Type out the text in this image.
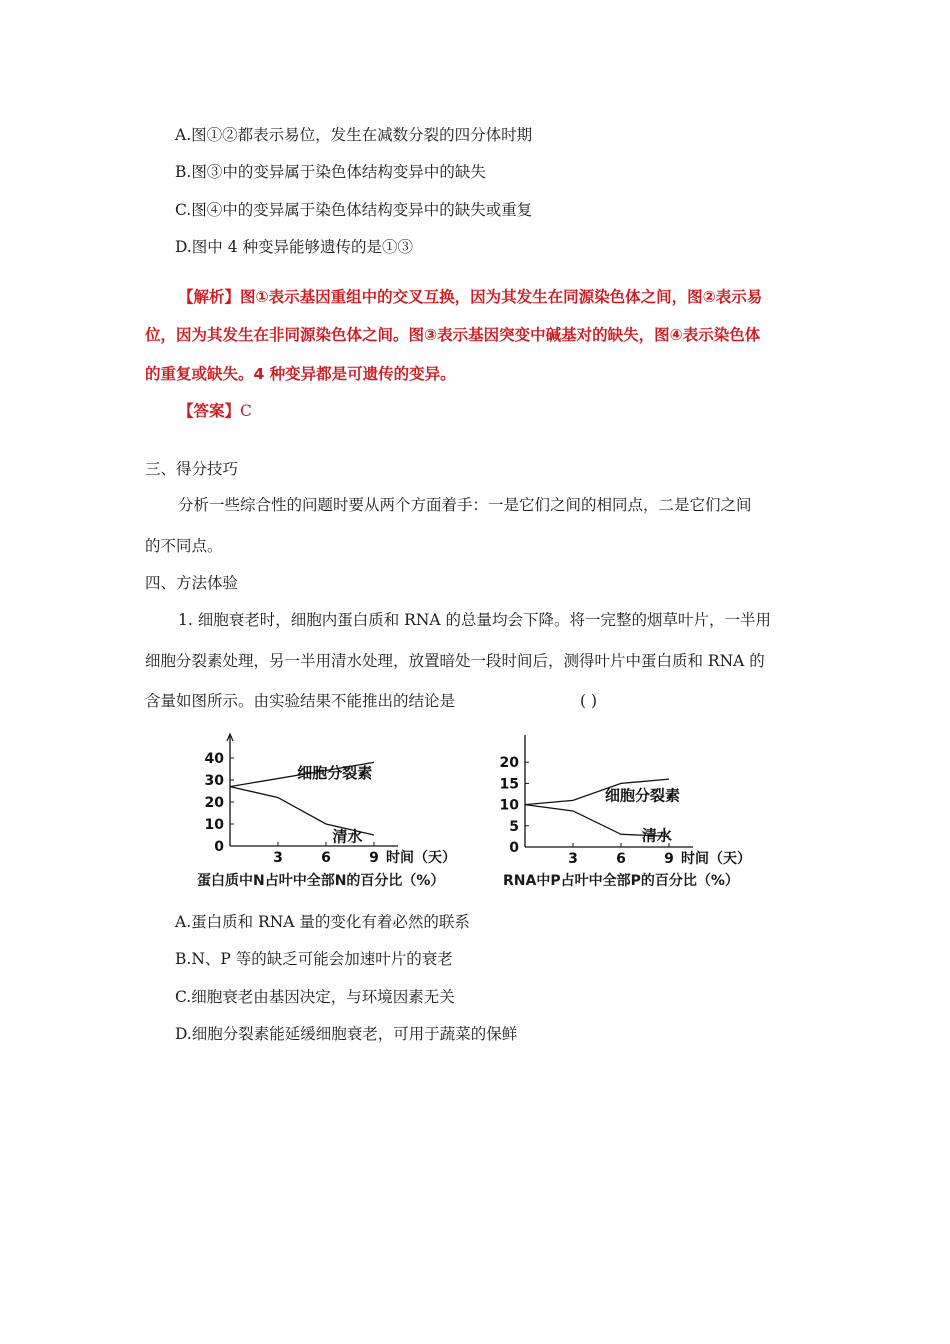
A.图①②都表示易位，发生在减数分裂的四分体时期
B.图③中的变异属于染色体结构变异中的缺失
C.图④中的变异属于染色体结构变异中的缺失或重复
D.图中 4 种变异能够遗传的是①③
【解析】图①表示基因重组中的交叉互换，因为其发生在同源染色体之间，图②表示易
位，因为其发生在非同源染色体之间。图③表示基因突变中碱基对的缺失，图④表示染色体
的重复或缺失。4 种变异都是可遗传的变异。
【答案】C
三、得分技巧
分析一些综合性的问题时要从两个方面着手：一是它们之间的相同点，二是它们之间
的不同点。
四、方法体验
1. 细胞衰老时，细胞内蛋白质和 RNA 的总量均会下降。将一完整的烟草叶片，一半用
细胞分裂素处理，另一半用清水处理，放置暗处一段时间后，测得叶片中蛋白质和 RNA 的
含量如图所示。由实验结果不能推出的结论是	( )
0
10
20
30
40
3	6	9 时间（天）
细胞分裂素
清水
蛋白质中N占叶中全部N的百分比（%）
0
5
10
15
20
3	6	9 时间（天）
细胞分裂素
清水
RNA中P占叶中全部P的百分比（%）
A.蛋白质和 RNA 量的变化有着必然的联系
B.N、P 等的缺乏可能会加速叶片的衰老
C.细胞衰老由基因决定，与环境因素无关
D.细胞分裂素能延缓细胞衰老，可用于蔬菜的保鲜
